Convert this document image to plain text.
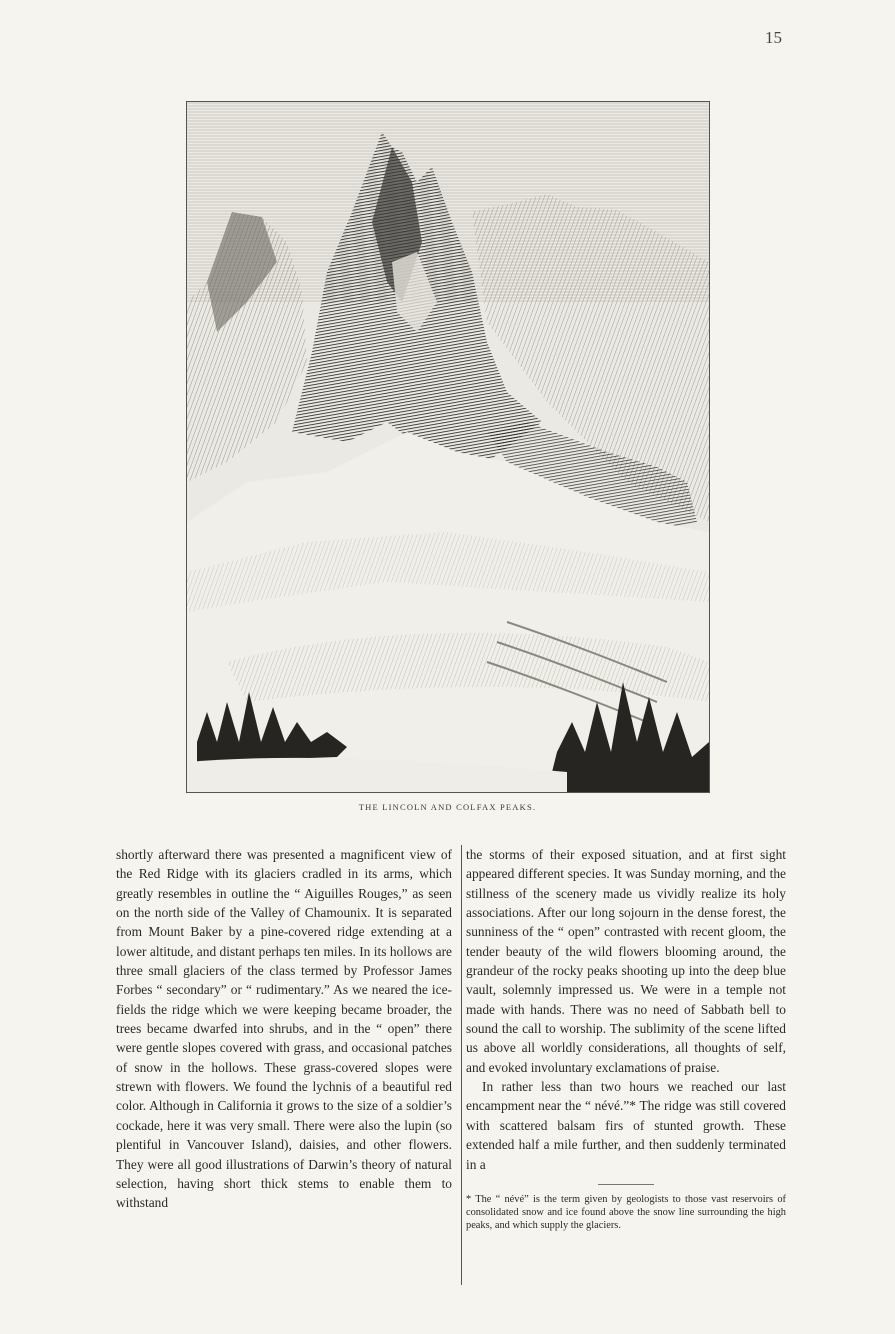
15
THE LINCOLN AND COLFAX PEAKS.

shortly afterward there was presented a magnificent view of the Red Ridge with its glaciers cradled in its arms, which greatly resembles in outline the “ Aiguilles Rouges,” as seen on the north side of the Valley of Chamounix. It is separated from Mount Baker by a pine-covered ridge extending at a lower altitude, and distant perhaps ten miles. In its hollows are three small glaciers of the class termed by Professor James Forbes “ secondary” or “ rudimentary.” As we neared the ice-fields the ridge which we were keeping became broader, the trees became dwarfed into shrubs, and in the “ open” there were gentle slopes covered with grass, and occasional patches of snow in the hollows. These grass-covered slopes were strewn with flowers. We found the lychnis of a beautiful red color. Although in California it grows to the size of a soldier’s cockade, here it was very small. There were also the lupin (so plentiful in Vancouver Island), daisies, and other flowers. They were all good illustrations of Darwin’s theory of natural selection, having short thick stems to enable them to withstand

the storms of their exposed situation, and at first sight appeared different species. It was Sunday morning, and the stillness of the scenery made us vividly realize its holy associations. After our long sojourn in the dense forest, the sunniness of the “ open” contrasted with recent gloom, the tender beauty of the wild flowers blooming around, the grandeur of the rocky peaks shooting up into the deep blue vault, solemnly impressed us. We were in a temple not made with hands. There was no need of Sabbath bell to sound the call to worship. The sublimity of the scene lifted us above all worldly considerations, all thoughts of self, and evoked involuntary exclamations of praise.

In rather less than two hours we reached our last encampment near the “ névé.”* The ridge was still covered with scattered balsam firs of stunted growth. These extended half a mile further, and then suddenly terminated in a

* The “ névé” is the term given by geologists to those vast reservoirs of consolidated snow and ice found above the snow line surrounding the high peaks, and which supply the glaciers.
